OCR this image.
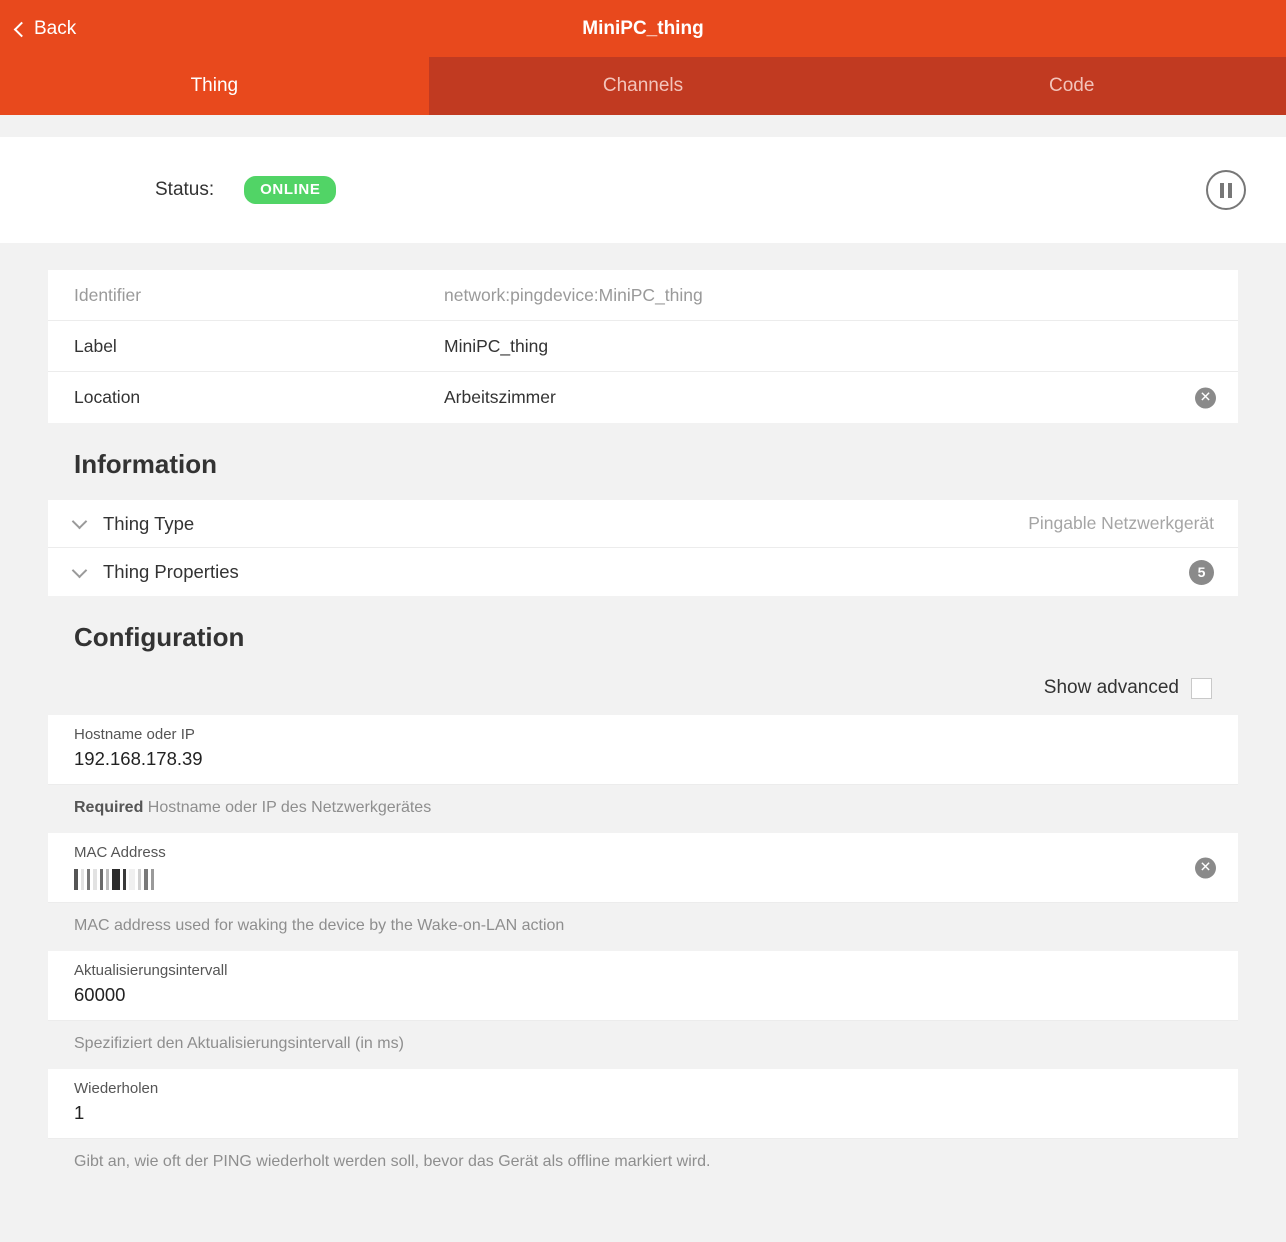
Back	MiniPC_thing
Thing	Channels	Code
Status:	ONLINE
Identifier	network:pingdevice:MiniPC_thing
Label	MiniPC_thing
Location	Arbeitszimmer	✕
Information
Thing Type	Pingable Netzwerkgerät
Thing Properties	5
Configuration
Show advanced
Hostname oder IP
192.168.178.39
Required Hostname oder IP des Netzwerkgerätes
MAC Address
✕
MAC address used for waking the device by the Wake-on-LAN action
Aktualisierungsintervall
60000
Spezifiziert den Aktualisierungsintervall (in ms)
Wiederholen
1
Gibt an, wie oft der PING wiederholt werden soll, bevor das Gerät als offline markiert wird.
